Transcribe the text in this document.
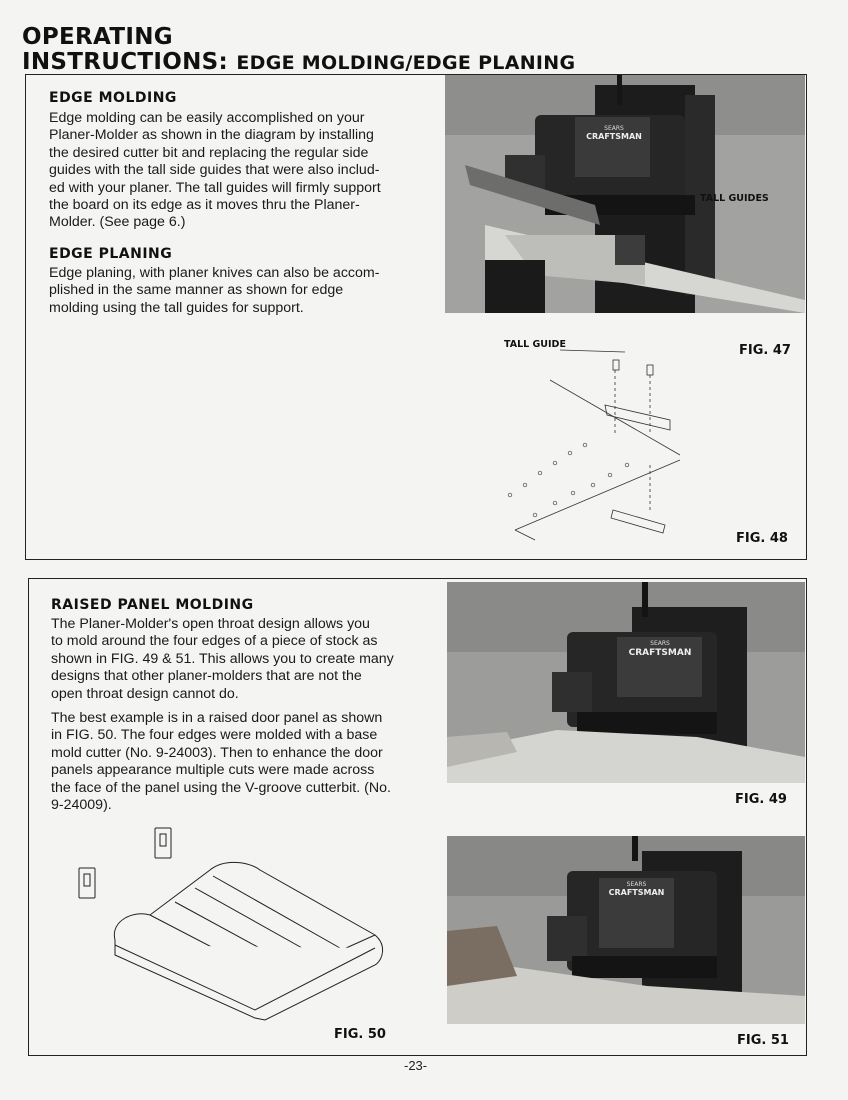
OPERATING
INSTRUCTIONS: EDGE MOLDING/EDGE PLANING
EDGE MOLDING
Edge molding can be easily accomplished on your
Planer-Molder as shown in the diagram by installing
the desired cutter bit and replacing the regular side
guides with the tall side guides that were also includ-
ed with your planer. The tall guides will firmly support
the board on its edge as it moves thru the Planer-
Molder. (See page 6.)
EDGE PLANING
Edge planing, with planer knives can also be accom-
plished in the same manner as shown for edge
molding using the tall guides for support.
SEARS
CRAFTSMAN
TALL GUIDES
FIG. 47
TALL GUIDE
FIG. 48
RAISED PANEL MOLDING
The Planer-Molder's open throat design allows you
to mold around the four edges of a piece of stock as
shown in FIG. 49 & 51. This allows you to create many
designs that other planer-molders that are not the
open throat design cannot do.
The best example is in a raised door panel as shown
in FIG. 50. The four edges were molded with a base
mold cutter (No. 9-24003). Then to enhance the door
panels appearance multiple cuts were made across
the face of the panel using the V-groove cutterbit. (No.
9-24009).
SEARS
CRAFTSMAN
FIG. 49
FIG. 50
SEARS
CRAFTSMAN
FIG. 51
-23-
